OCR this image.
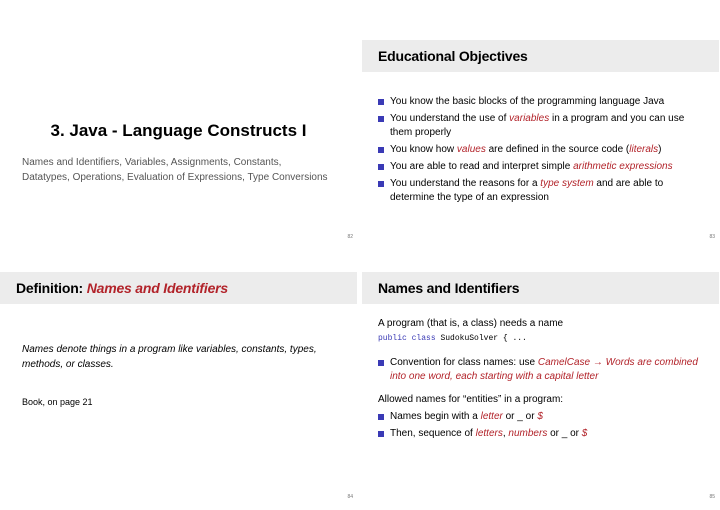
3. Java - Language Constructs I
Names and Identifiers, Variables, Assignments, Constants,
Datatypes, Operations, Evaluation of Expressions, Type Conversions
82
Educational Objectives
You know the basic blocks of the programming language Java
You understand the use of variables in a program and you can use them properly
You know how values are defined in the source code (literals)
You are able to read and interpret simple arithmetic expressions
You understand the reasons for a type system and are able to determine the type of an expression
83
Definition: Names and Identifiers
Names denote things in a program like variables, constants, types,
methods, or classes.
Book, on page 21
84
Names and Identifiers
A program (that is, a class) needs a name
public class SudokuSolver { ...
Convention for class names: use CamelCase → Words are combined into one word, each starting with a capital letter
Allowed names for “entities” in a program:
Names begin with a letter or _ or $
Then, sequence of letters, numbers or _ or $
85
